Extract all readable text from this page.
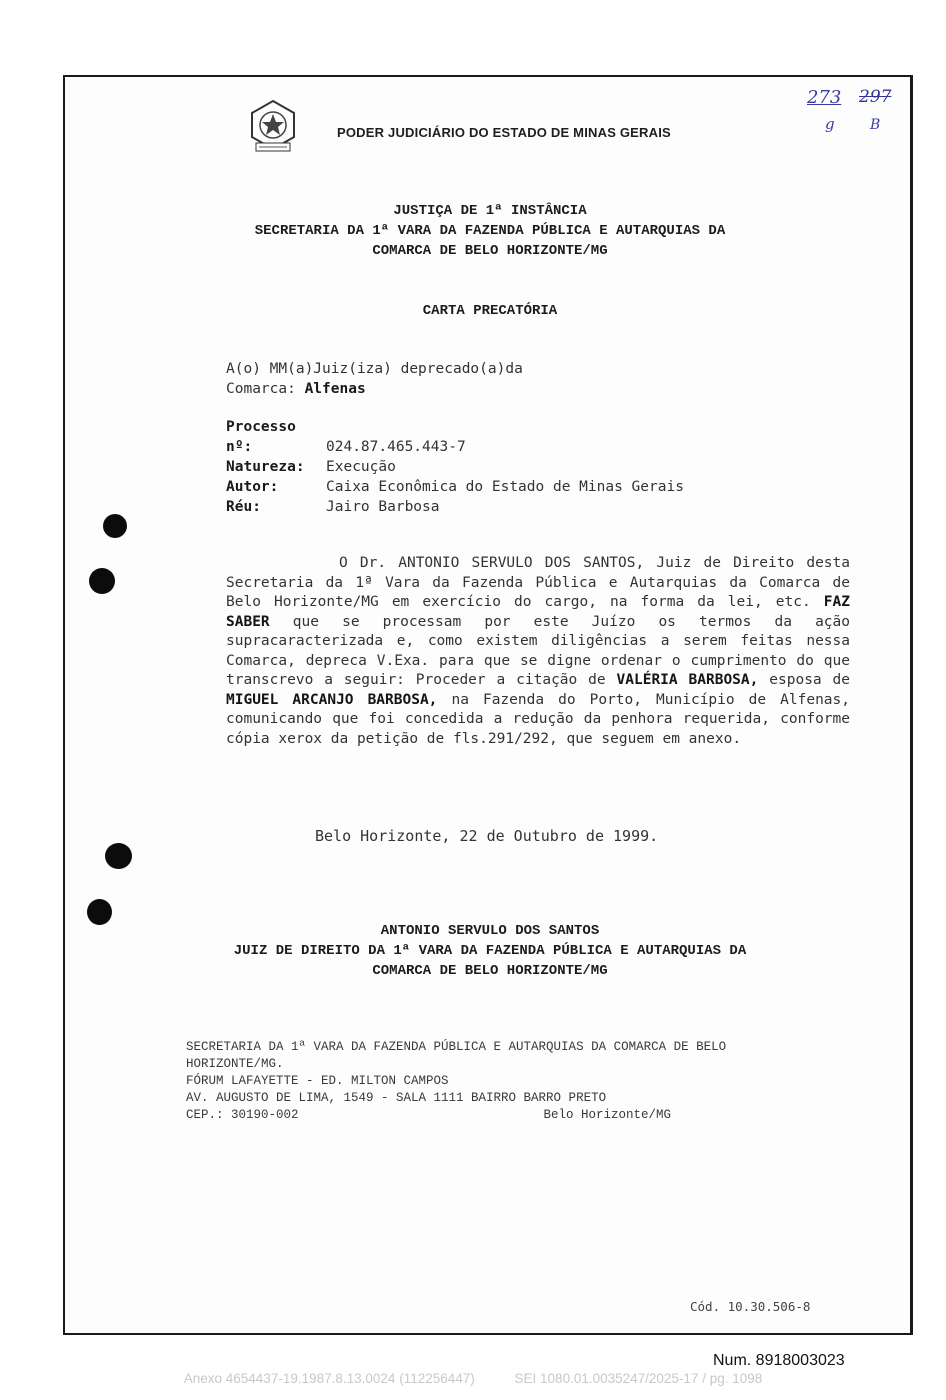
PODER JUDICIÁRIO DO ESTADO DE MINAS GERAIS
273 297
g	B
JUSTIÇA DE 1ª INSTÂNCIA
SECRETARIA DA 1ª VARA DA FAZENDA PÚBLICA E AUTARQUIAS DA
COMARCA DE BELO HORIZONTE/MG
CARTA PRECATÓRIA
A(o) MM(a)Juiz(iza) deprecado(a)da
Comarca: Alfenas
Processo nº:	024.87.465.443-7
Natureza: Execução
Autor:	Caixa Econômica do Estado de Minas Gerais
Réu:	Jairo Barbosa
O Dr. ANTONIO SERVULO DOS SANTOS, Juiz de Direito desta Secretaria da 1ª Vara da Fazenda Pública e Autarquias da Comarca de Belo Horizonte/MG em exercício do cargo, na forma da lei, etc. FAZ SABER que se processam por este Juízo os termos da ação supracaracterizada e, como existem diligências a serem feitas nessa Comarca, depreca V.Exa. para que se digne ordenar o cumprimento do que transcrevo a seguir: Proceder a citação de VALÉRIA BARBOSA, esposa de MIGUEL ARCANJO BARBOSA, na Fazenda do Porto, Município de Alfenas, comunicando que foi concedida a redução da penhora requerida, conforme cópia xerox da petição de fls.291/292, que seguem em anexo.
Belo Horizonte, 22 de Outubro de 1999.
ANTONIO SERVULO DOS SANTOS
JUIZ DE DIREITO DA 1ª VARA DA FAZENDA PÚBLICA E AUTARQUIAS DA
COMARCA DE BELO HORIZONTE/MG
SECRETARIA DA 1ª VARA DA FAZENDA PÚBLICA E AUTARQUIAS DA COMARCA DE BELO
HORIZONTE/MG.
FÓRUM LAFAYETTE - ED. MILTON CAMPOS
AV. AUGUSTO DE LIMA, 1549 - SALA 1111 BAIRRO BARRO PRETO
CEP.: 30190-002	Belo Horizonte/MG
Cód. 10.30.506-8
Num. 8918003023
Anexo 4654437-19.1987.8.13.0024 (112256447)	SEI 1080.01.0035247/2025-17 / pg. 1098
